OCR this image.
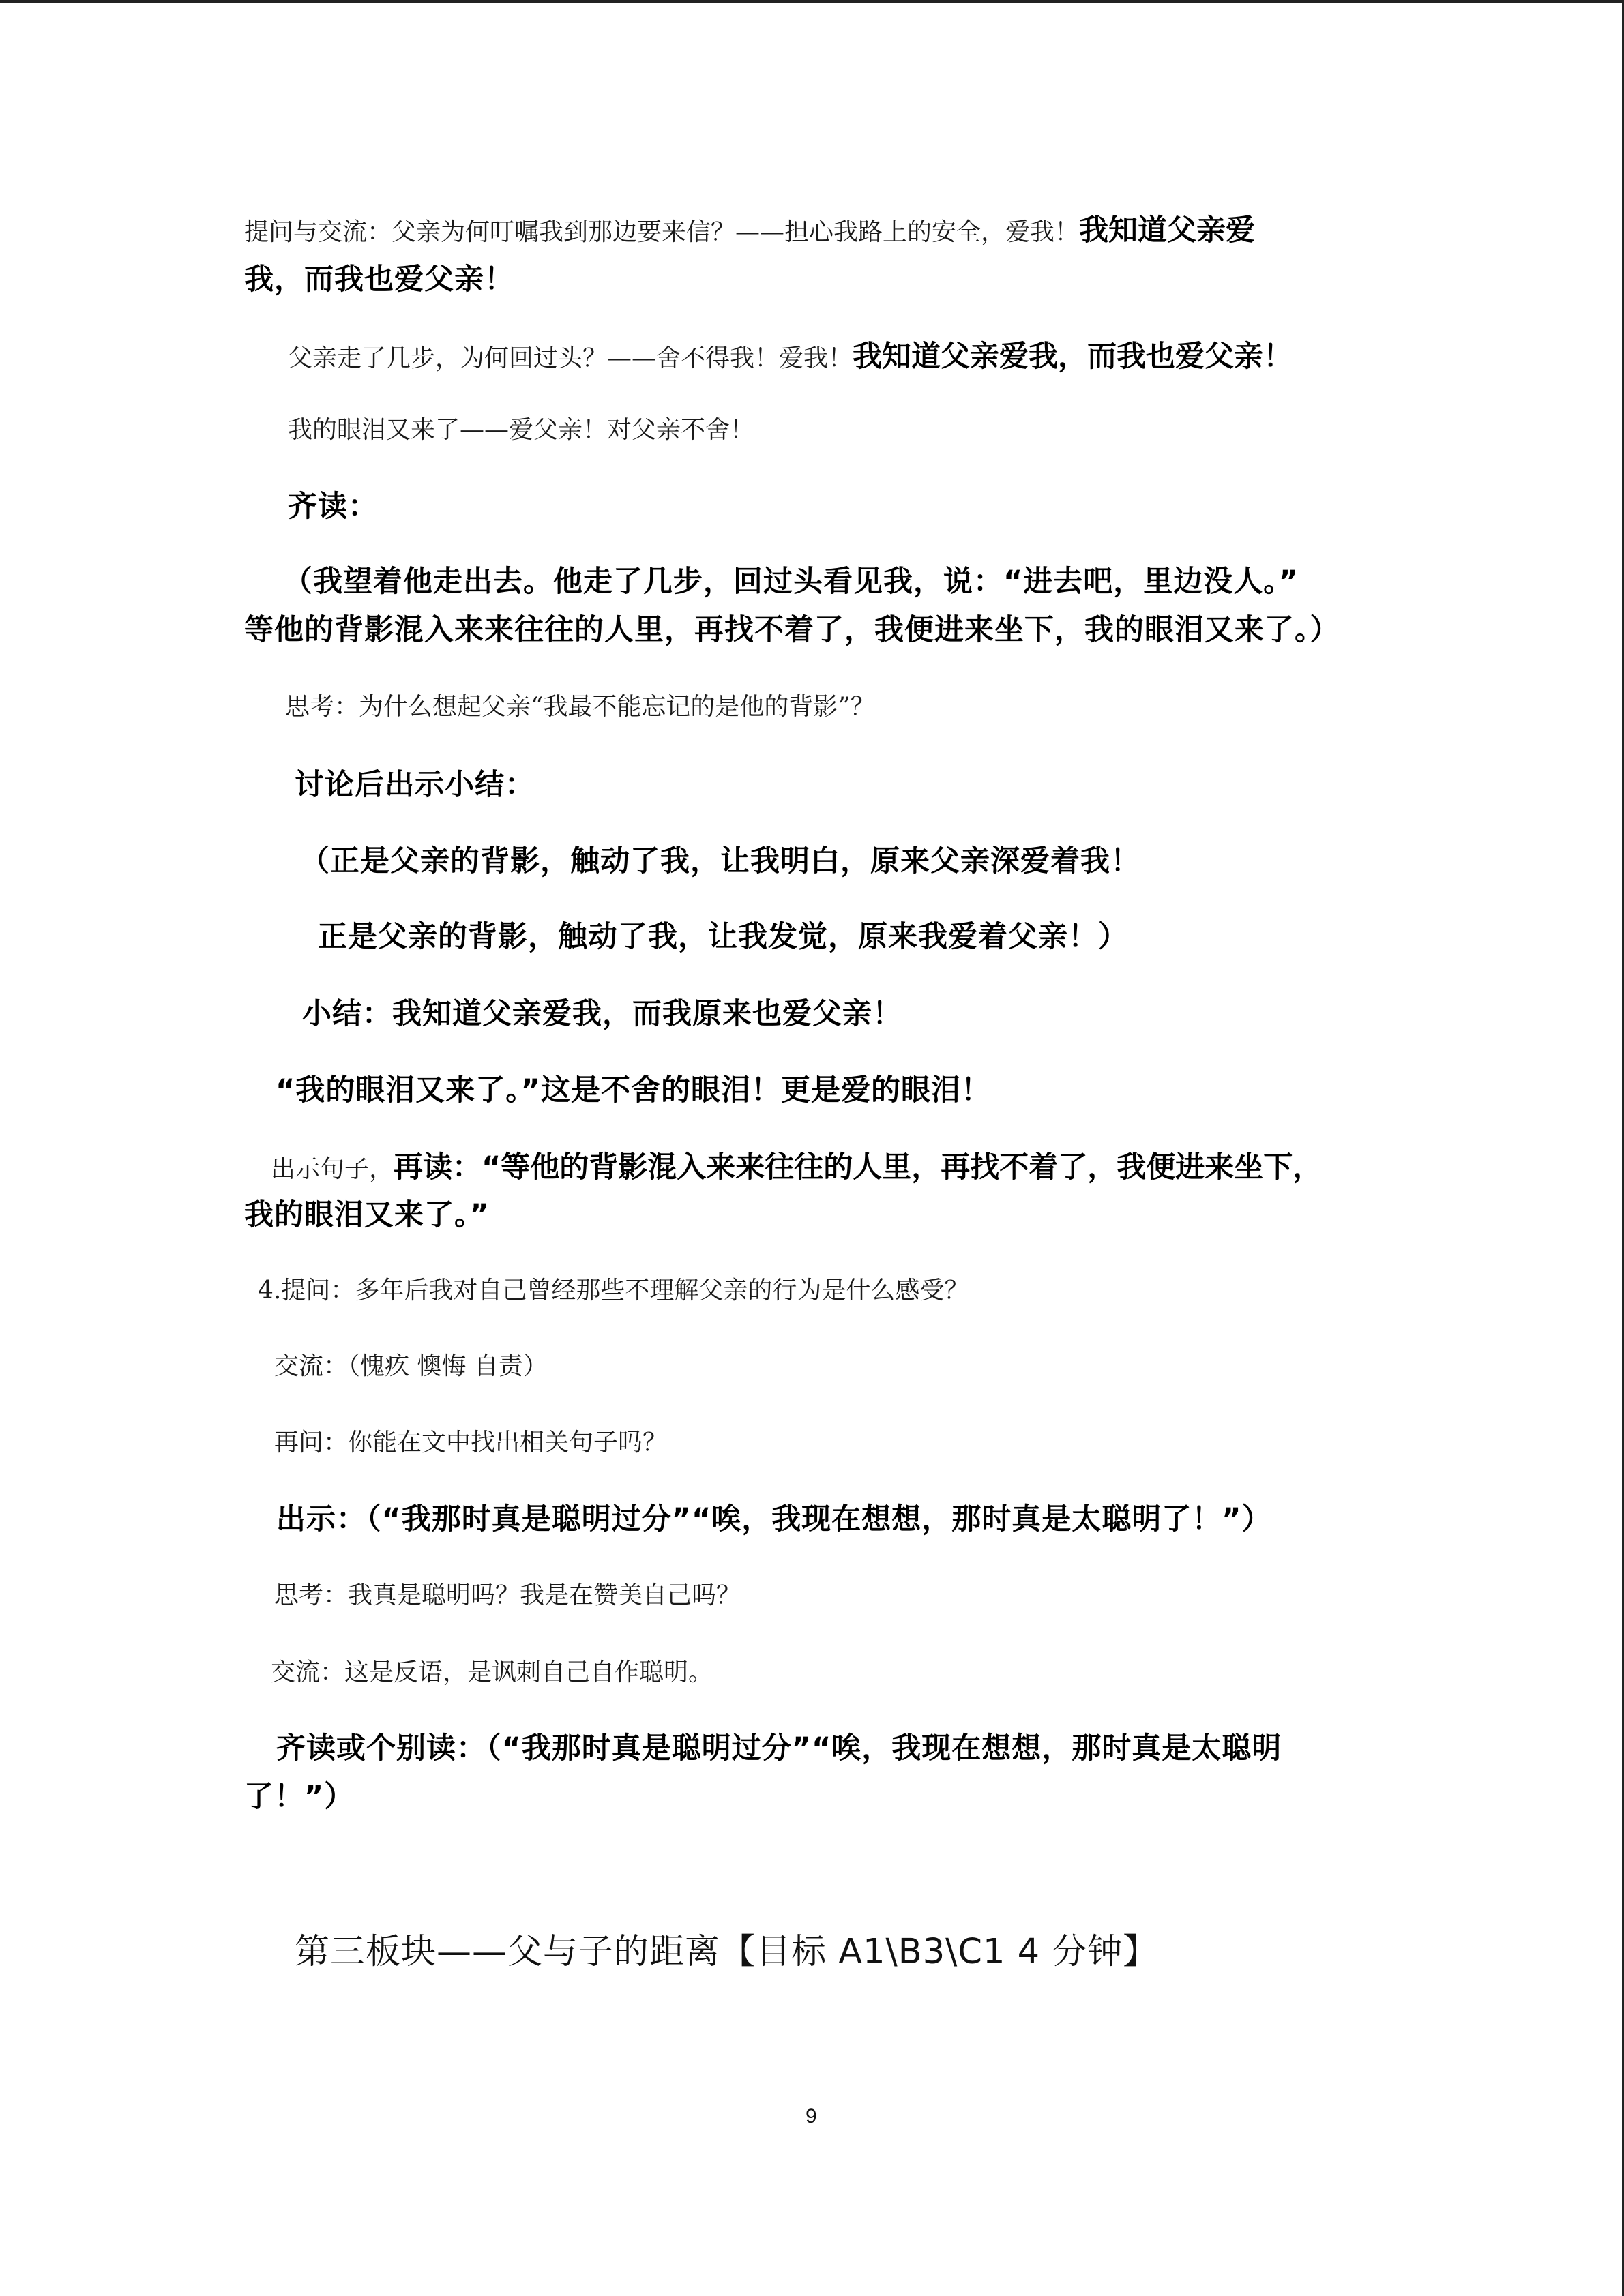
提问与交流：父亲为何叮嘱我到那边要来信？——担心我路上的安全，爱我！我知道父亲爱
我，而我也爱父亲！
父亲走了几步，为何回过头？——舍不得我！爱我！我知道父亲爱我，而我也爱父亲！
我的眼泪又来了——爱父亲！对父亲不舍！
齐读：
（我望着他走出去。他走了几步，回过头看见我，说：“进去吧，里边没人。”
等他的背影混入来来往往的人里，再找不着了，我便进来坐下，我的眼泪又来了。）
思考：为什么想起父亲“我最不能忘记的是他的背影”？
讨论后出示小结：
（正是父亲的背影，触动了我，让我明白，原来父亲深爱着我！
正是父亲的背影，触动了我，让我发觉，原来我爱着父亲！）
小结：我知道父亲爱我，而我原来也爱父亲！
“我的眼泪又来了。”这是不舍的眼泪！更是爱的眼泪！
出示句子，再读：“等他的背影混入来来往往的人里，再找不着了，我便进来坐下，
我的眼泪又来了。”
4.提问：多年后我对自己曾经那些不理解父亲的行为是什么感受？
交流：（愧疚 懊悔 自责）
再问：你能在文中找出相关句子吗？
出示：（“我那时真是聪明过分”“唉，我现在想想，那时真是太聪明了！”）
思考：我真是聪明吗？我是在赞美自己吗？
交流：这是反语，是讽刺自己自作聪明。
齐读或个别读：（“我那时真是聪明过分”“唉，我现在想想，那时真是太聪明
了！”）
第三板块——父与子的距离【目标 A1\B3\C1 4 分钟】
9
